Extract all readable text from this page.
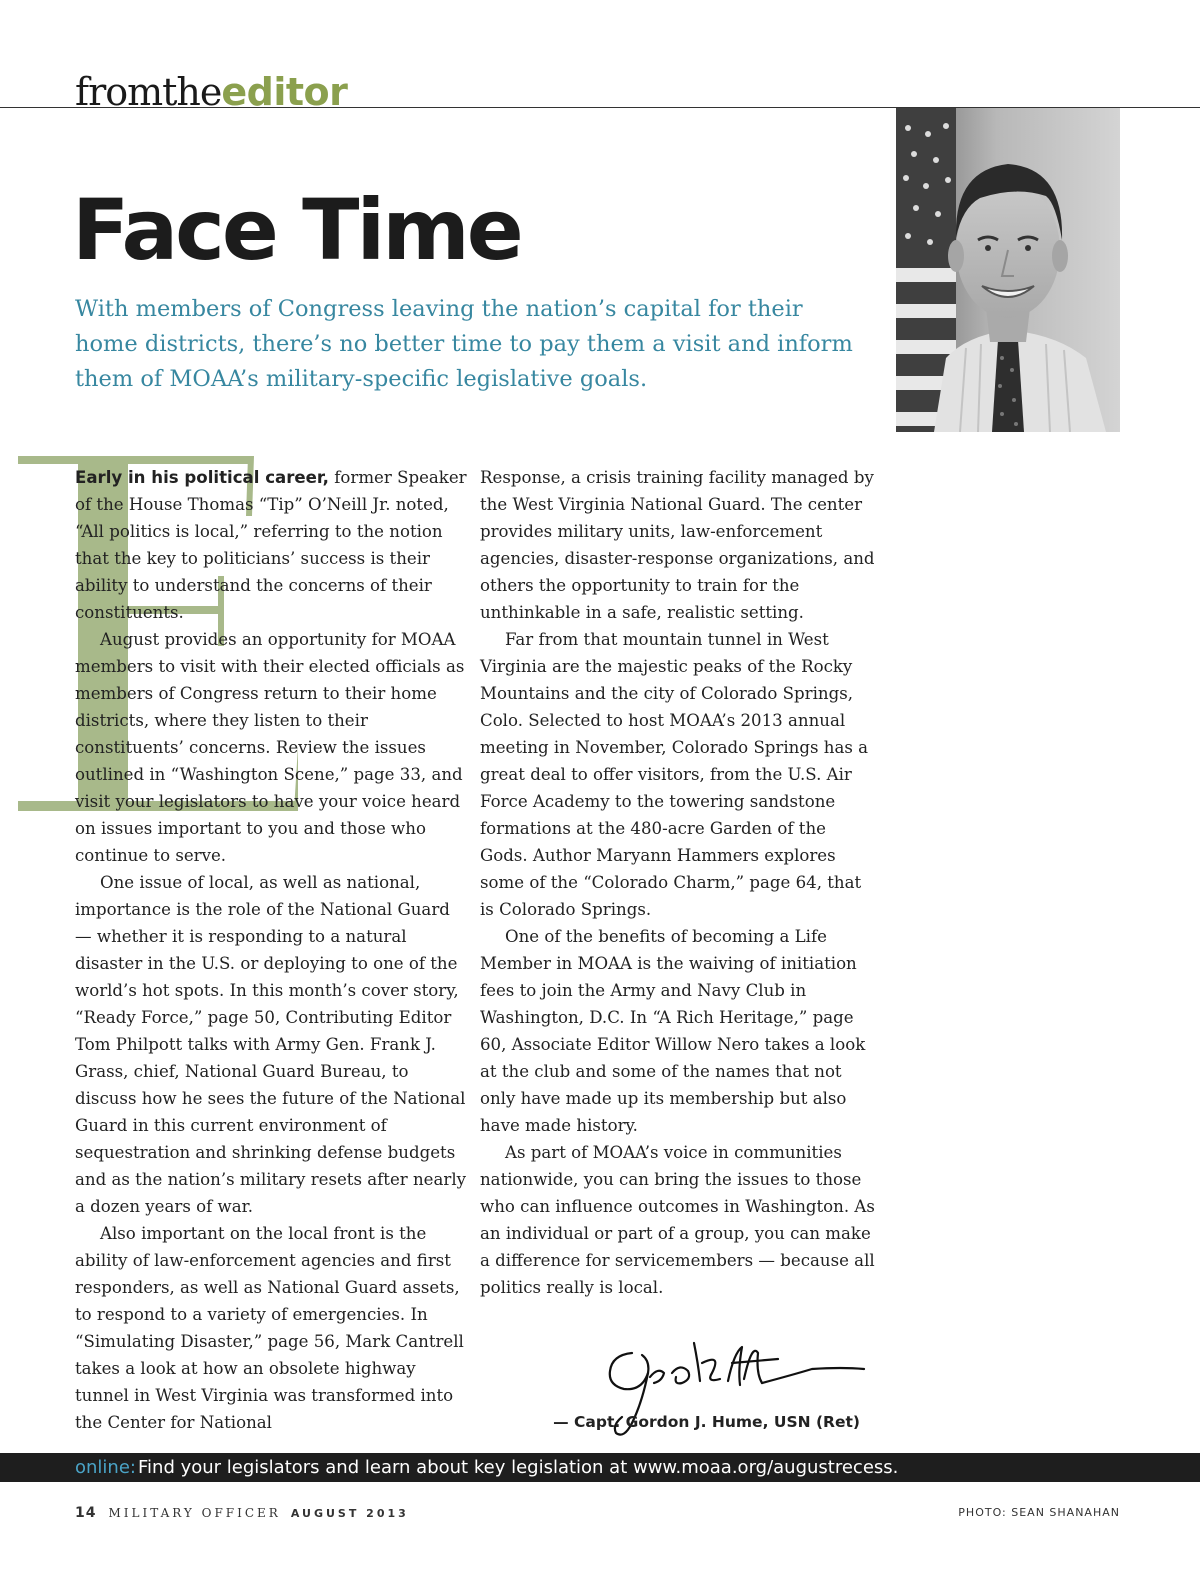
fromtheeditor
Face Time
With members of Congress leaving the nation’s capital for their home districts, there’s no better time to pay them a visit and inform them of MOAA’s military-specific legislative goals.

Early in his political career, former Speaker of the House Thomas “Tip” O’Neill Jr. noted, “All politics is local,” referring to the notion that the key to politicians’ success is their ability to understand the concerns of their constituents.

August provides an opportunity for MOAA members to visit with their elected officials as members of Congress return to their home districts, where they listen to their constituents’ concerns. Review the issues outlined in “Washington Scene,” page 33, and visit your legislators to have your voice heard on issues important to you and those who continue to serve.

One issue of local, as well as national, importance is the role of the National Guard — whether it is responding to a natural disaster in the U.S. or deploying to one of the world’s hot spots. In this month’s cover story, “Ready Force,” page 50, Contributing Editor Tom Philpott talks with Army Gen. Frank J. Grass, chief, National Guard Bureau, to discuss how he sees the future of the National Guard in this current environment of sequestration and shrinking defense budgets and as the nation’s military resets after nearly a dozen years of war.

Also important on the local front is the ability of law-enforcement agencies and first responders, as well as National Guard assets, to respond to a variety of emergencies. In “Simulating Disaster,” page 56, Mark Cantrell takes a look at how an obsolete highway tunnel in West Virginia was transformed into the Center for National

Response, a crisis training facility managed by the West Virginia National Guard. The center provides military units, law-enforcement agencies, disaster-response organizations, and others the opportunity to train for the unthinkable in a safe, realistic setting.

Far from that mountain tunnel in West Virginia are the majestic peaks of the Rocky Mountains and the city of Colorado Springs, Colo. Selected to host MOAA’s 2013 annual meeting in November, Colorado Springs has a great deal to offer visitors, from the U.S. Air Force Academy to the towering sandstone formations at the 480-acre Garden of the Gods. Author Maryann Hammers explores some of the “Colorado Charm,” page 64, that is Colorado Springs.

One of the benefits of becoming a Life Member in MOAA is the waiving of initiation fees to join the Army and Navy Club in Washington, D.C. In “A Rich Heritage,” page 60, Associate Editor Willow Nero takes a look at the club and some of the names that not only have made up its membership but also have made history.

As part of MOAA’s voice in communities nationwide, you can bring the issues to those who can influence outcomes in Washington. As an individual or part of a group, you can make a difference for servicemembers — because all politics really is local.

— Capt. Gordon J. Hume, USN (Ret)
online: Find your legislators and learn about key legislation at www.moaa.org/augustrecess.
14 MILITARY OFFICER AUGUST 2013	PHOTO: SEAN SHANAHAN
